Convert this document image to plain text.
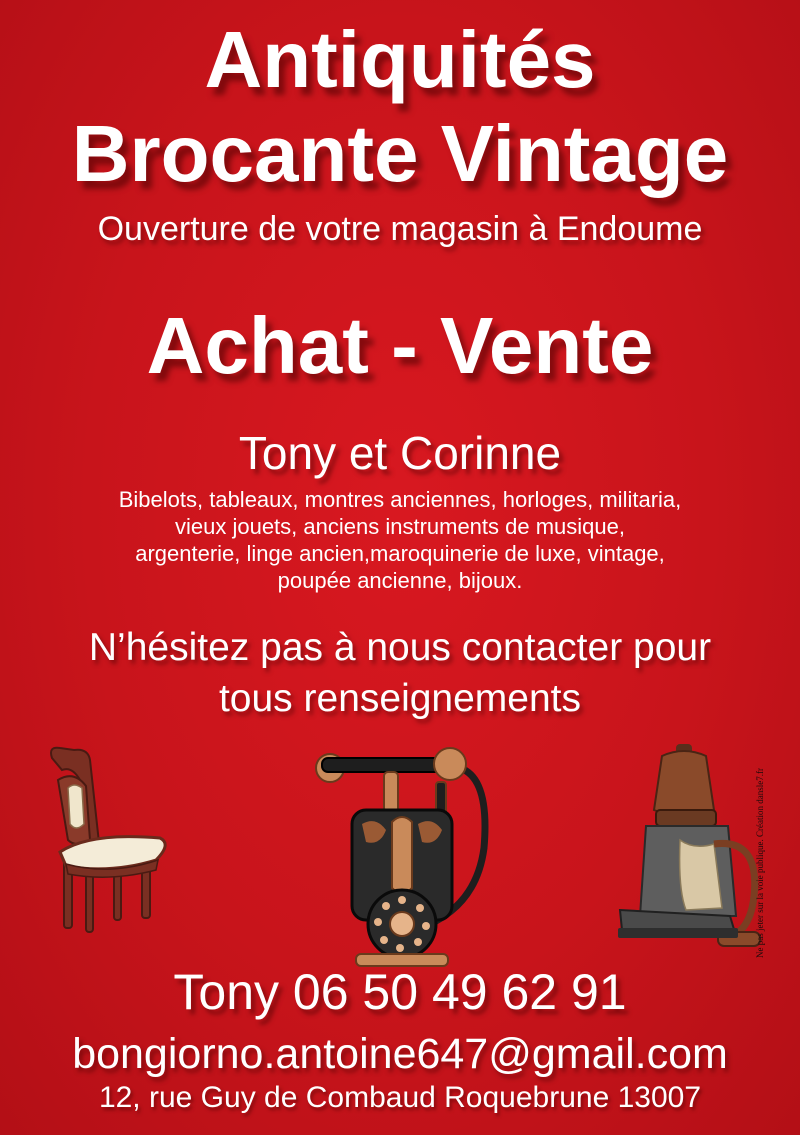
Antiquités
Brocante Vintage

Ouverture de votre magasin à Endoume

Achat - Vente

Tony et Corinne

Bibelots, tableaux, montres anciennes, horloges, militaria,
vieux jouets, anciens instruments de musique,
argenterie, linge ancien,maroquinerie de luxe, vintage,
poupée ancienne, bijoux.

N’hésitez pas à nous contacter pour

tous renseignements

Ne pas jeter sur la voie publique. Création dansle7.fr

Tony 06 50 49 62 91

bongiorno.antoine647@gmail.com

12, rue Guy de Combaud Roquebrune 13007
